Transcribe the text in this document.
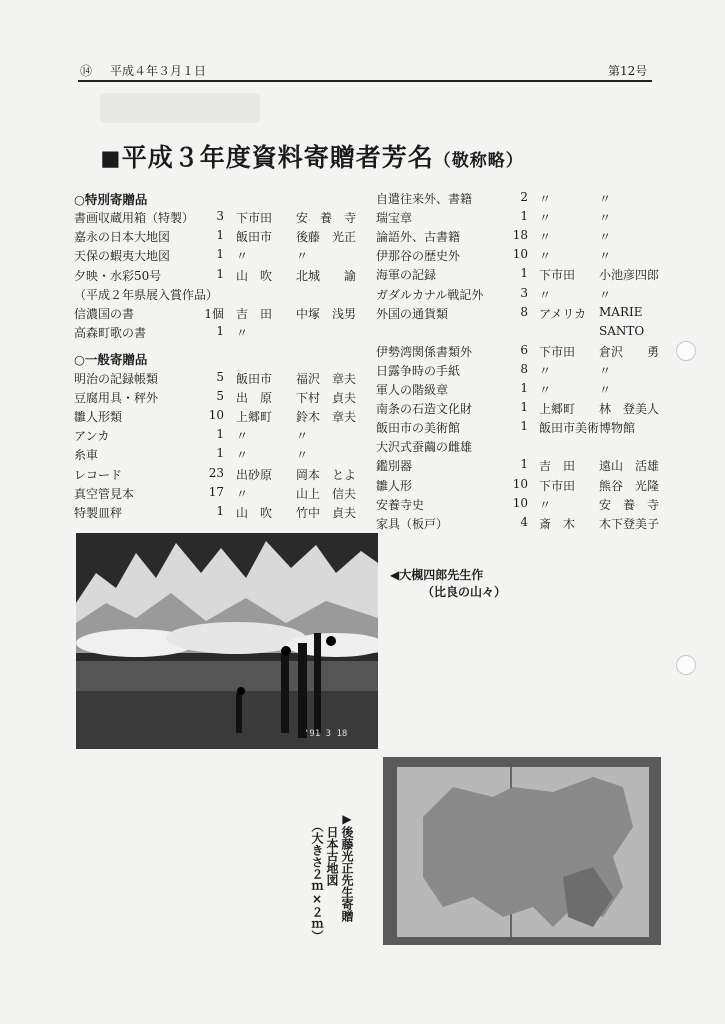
⑭ 平成４年３月１日	第12号
◼平成３年度資料寄贈者芳名（敬称略）
○特別寄贈品
書画収蔵用箱（特製）	3 下市田 安　養　寺
嘉永の日本大地図	1 飯田市 後藤　光正
天保の蝦夷大地図	1 〃	〃
夕映・水彩50号	1 山　吹 北城　　諭
（平成２年県展入賞作品）
信濃国の書	1個 吉　田 中塚　浅男
高森町歌の書	1 〃
○一般寄贈品
明治の記録帳類	5 飯田市 福沢　章夫
豆腐用具・秤外	5 出　原 下村　貞夫
雛人形類	10 上郷町 鈴木　章夫
アンカ	1 〃	〃
糸車	1 〃	〃
レコード	23 出砂原 岡本　とよ
真空管見本	17 〃	山上　信夫
特製皿秤	1 山　吹 竹中　貞夫
自遣往来外、書籍	2 〃	〃
瑞宝章	1 〃	〃
論語外、古書籍	18 〃	〃
伊那谷の歴史外	10 〃	〃
海軍の記録	1 下市田 小池彦四郎
ガダルカナル戦記外	3 〃	〃
外国の通貨類	8 アメリカ MARIE
SANTO
伊勢湾関係書類外	6 下市田 倉沢　　勇
日露争時の手紙	8 〃	〃
軍人の階級章	1 〃	〃
南条の石造文化財	1 上郷町 林　登美人
飯田市の美術館	1 飯田市美術博物館
大沢式蚕繭の雌雄
鑑別器	1 吉　田 遠山　活雄
雛人形	10 下市田 熊谷　光隆
安養寺史	10 〃	安　養　寺
家具（板戸）	4 斎　木 木下登美子
'91 3 18
◀大槻四郎先生作
（比良の山々）
▶後藤光正先生寄贈
日本古地図
（大きさ２ｍ×２ｍ）
